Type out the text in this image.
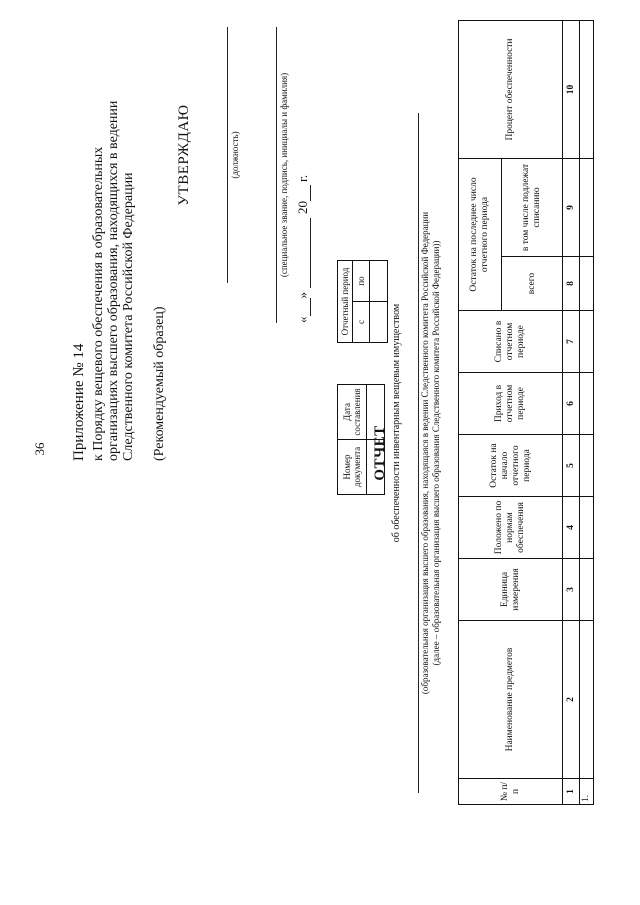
36 Приложение № 14 к Порядку вещевого обеспечения в образовательных организациях высшего образования, находящихся в ведении Следственного комитета Российской Федерации (Рекомендуемый образец)
УТВЕРЖДАЮ	(должность)	(специальное звание, подпись, инициалы и фамилия)
«
»
20
г.
Номер документа	Дата составления

Отчетный период	
с	по

ОТЧЕТ об обеспеченности инвентарным вещевым имуществом (образовательная организация высшего образования, находящаяся в ведении Следственного комитета Российской Федерации (далее – образовательная организация высшего образования Следственного комитета Российской Федерации))
№ п/п	Наименование предметов	Единица измерения	Положено по нормам обеспечения	Остаток на начало отчетного периода	Приход в отчетном периоде	Списано в отчетном периоде	Остаток на последнее число отчетного периода		Процент обеспеченности
							всего	в том числе подлежат списанию	
1	2	3	4	5	6	7	8	9	10
1.									
